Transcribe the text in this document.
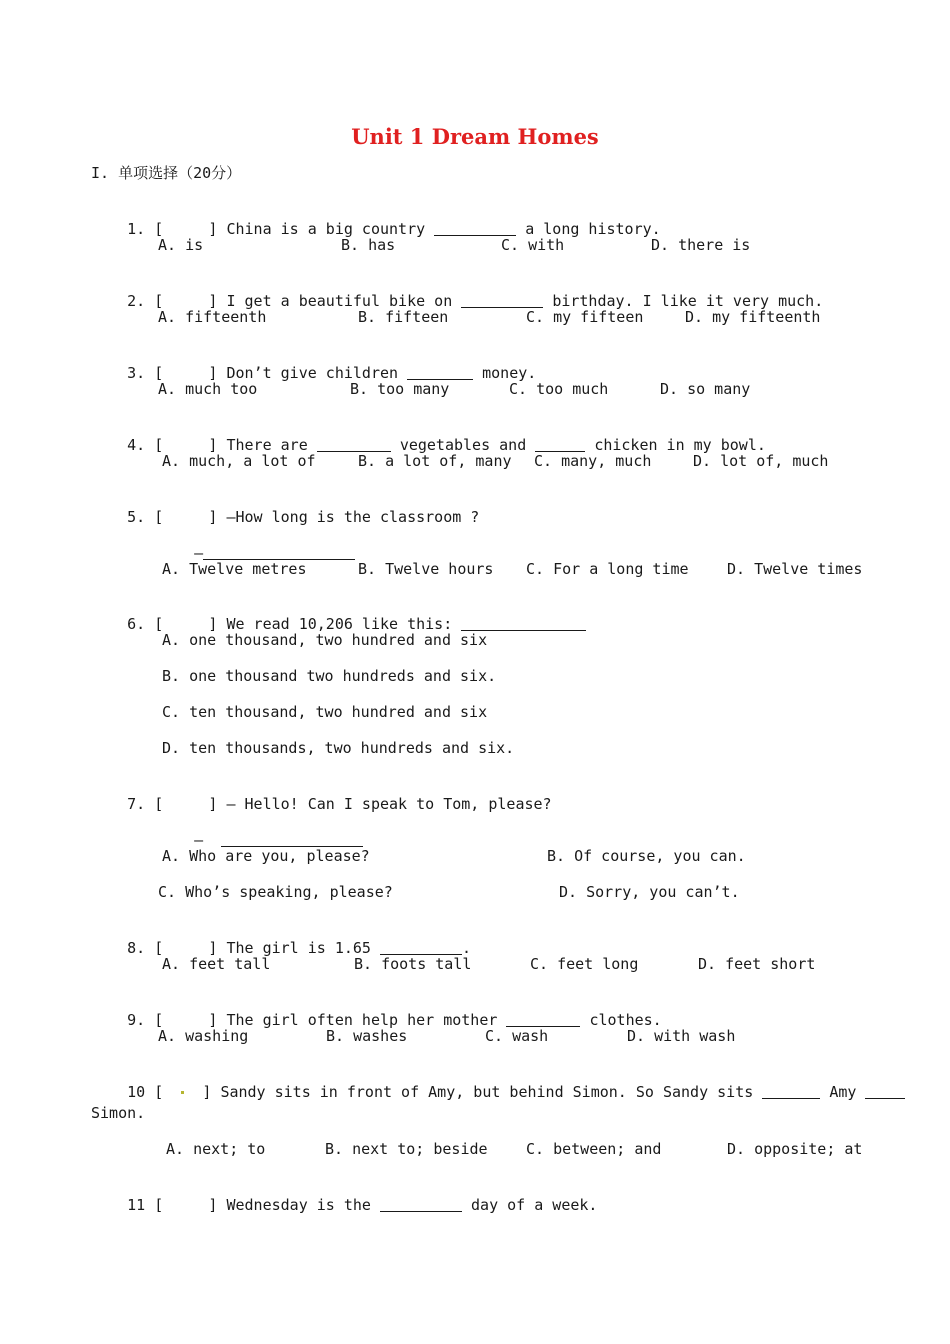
Unit 1 Dream Homes
I. 单项选择（20分）

1. [	] China is a big country	a long history.

A. is	B. has	C. with	D. there is

2. [	] I get a beautiful bike on	birthday. I like it very much.

A. fifteenth	B. fifteen	C. my fifteen	D. my fifteenth

3. [	] Don’t give children	money.

A. much too	B. too many	C. too much	D. so many

4. [	] There are	vegetables and	chicken in my bowl.

A. much, a lot of	B. a lot of, many C. many, much	D. lot of, much

5. [	] —How long is the classroom ?

—

A. Twelve metres	B. Twelve hours C. For a long time	D. Twelve times

6. [	] We read 10,206 like this:

A. one thousand, two hundred and six
B. one thousand two hundreds and six.
C. ten thousand, two hundred and six
D. ten thousands, two hundreds and six.

7. [	] — Hello! Can I speak to Tom, please?

—

A. Who are you, please?	B. Of course, you can.
C. Who’s speaking, please?	D. Sorry, you can’t.

8. [	] The girl is 1.65	.

A. feet tall	B. foots tall	C. feet long	D. feet short

9. [	] The girl often help her mother	clothes.

A. washing	B. washes	C. wash	D. with wash

10 [	] Sandy sits in front of Amy, but behind Simon. So Sandy sits	Amy

Simon.
A. next; to	B. next to; beside	C. between; and	D. opposite; at

11 [	] Wednesday is the	day of a week.
